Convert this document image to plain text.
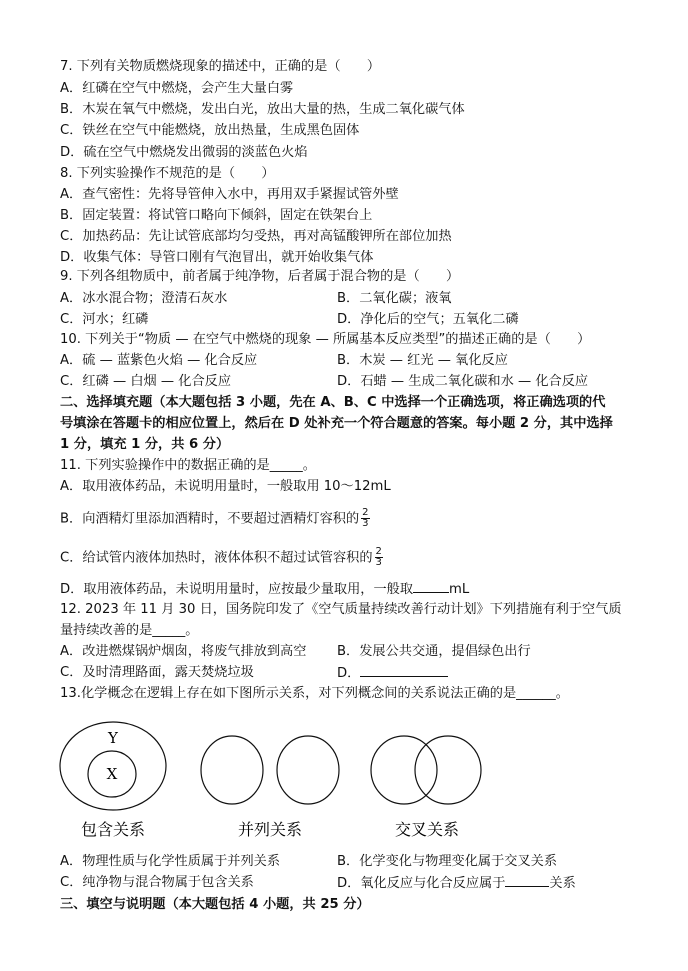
7. 下列有关物质燃烧现象的描述中，正确的是（　　）
A．红磷在空气中燃烧，会产生大量白雾
B．木炭在氧气中燃烧，发出白光，放出大量的热，生成二氧化碳气体
C．铁丝在空气中能燃烧，放出热量，生成黑色固体
D．硫在空气中燃烧发出微弱的淡蓝色火焰
8. 下列实验操作不规范的是（　　）
A．查气密性：先将导管伸入水中，再用双手紧握试管外壁
B．固定装置：将试管口略向下倾斜，固定在铁架台上
C．加热药品：先让试管底部均匀受热，再对高锰酸钾所在部位加热
D．收集气体：导管口刚有气泡冒出，就开始收集气体
9. 下列各组物质中，前者属于纯净物，后者属于混合物的是（　　）
A．冰水混合物；澄清石灰水	B．二氧化碳；液氧
C．河水；红磷	D．净化后的空气；五氧化二磷
10. 下列关于“物质 — 在空气中燃烧的现象 — 所属基本反应类型”的描述正确的是（　　）
A．硫 — 蓝紫色火焰 — 化合反应	B．木炭 — 红光 — 氧化反应
C．红磷 — 白烟 — 化合反应	D．石蜡 — 生成二氧化碳和水 — 化合反应
二、选择填充题（本大题包括 3 小题，先在 A、B、C 中选择一个正确选项，将正确选项的代
号填涂在答题卡的相应位置上，然后在 D 处补充一个符合题意的答案。每小题 2 分，其中选择
1 分，填充 1 分，共 6 分）
11. 下列实验操作中的数据正确的是_____。
A．取用液体药品，未说明用量时，一般取用 10～12mL
B．向酒精灯里添加酒精时，不要超过酒精灯容积的 $\frac{2}{3}$
C．给试管内液体加热时，液体体积不超过试管容积的 $\frac{2}{3}$
D．取用液体药品，未说明用量时，应按最少量取用，一般取	mL
12. 2023 年 11 月 30 日，国务院印发了《空气质量持续改善行动计划》下列措施有利于空气质
量持续改善的是_____。
A．改进燃煤锅炉烟囱，将废气排放到高空 B．发展公共交通，提倡绿色出行
C．及时清理路面，露天焚烧垃圾	D．
13.化学概念在逻辑上存在如下图所示关系，对下列概念间的关系说法正确的是______。
Y
X
包含关系	并列关系	交叉关系
A．物理性质与化学性质属于并列关系	B．化学变化与物理变化属于交叉关系
C．纯净物与混合物属于包含关系	D．氧化反应与化合反应属于	关系
三、填空与说明题（本大题包括 4 小题，共 25 分）
